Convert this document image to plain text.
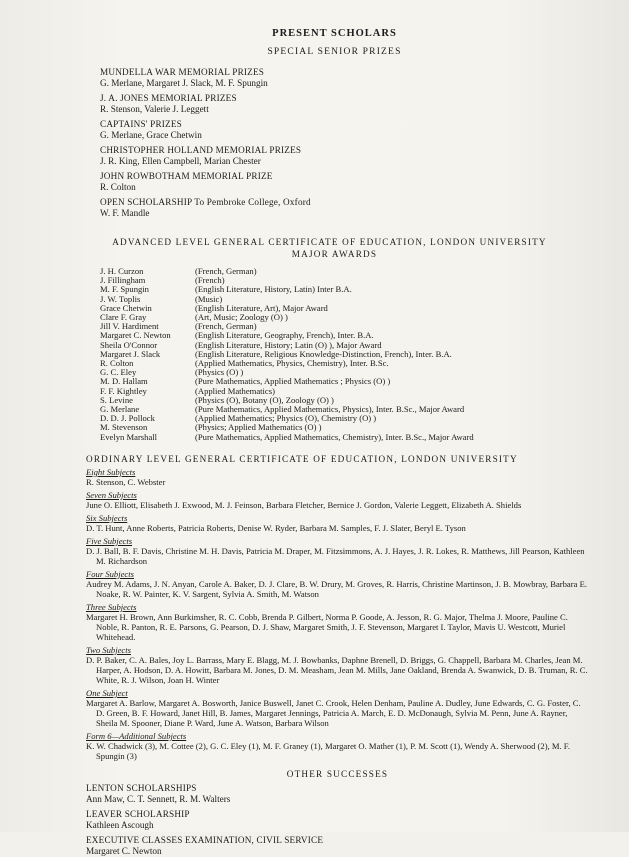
PRESENT SCHOLARS
SPECIAL SENIOR PRIZES
MUNDELLA WAR MEMORIAL PRIZES
G. Merlane, Margaret J. Slack, M. F. Spungin
J. A. JONES MEMORIAL PRIZES
R. Stenson, Valerie J. Leggett
CAPTAINS' PRIZES
G. Merlane, Grace Chetwin
CHRISTOPHER HOLLAND MEMORIAL PRIZES
J. R. King, Ellen Campbell, Marian Chester
JOHN ROWBOTHAM MEMORIAL PRIZE
R. Colton
OPEN SCHOLARSHIP To Pembroke College, Oxford
W. F. Mandle
ADVANCED LEVEL GENERAL CERTIFICATE OF EDUCATION, LONDON UNIVERSITY
MAJOR AWARDS
J. H. Curzon	(French, German)
J. Fillingham	(French)
M. F. Spungin	(English Literature, History, Latin) Inter B.A.
J. W. Toplis	(Music)
Grace Chetwin	(English Literature, Art), Major Award
Clare F. Gray	(Art, Music; Zoology (O) )
Jill V. Hardiment	(French, German)
Margaret C. Newton	(English Literature, Geography, French), Inter. B.A.
Sheila O'Connor	(English Literature, History; Latin (O) ), Major Award
Margaret J. Slack	(English Literature, Religious Knowledge-Distinction, French), Inter. B.A.
R. Colton	(Applied Mathematics, Physics, Chemistry), Inter. B.Sc.
G. C. Eley	(Physics (O) )
M. D. Hallam	(Pure Mathematics, Applied Mathematics ; Physics (O) )
F. F. Kightley	(Applied Mathematics)
S. Levine	(Physics (O), Botany (O), Zoology (O) )
G. Merlane	(Pure Mathematics, Applied Mathematics, Physics), Inter. B.Sc., Major Award
D. D. J. Pollock	(Applied Mathematics; Physics (O), Chemistry (O) )
M. Stevenson	(Physics; Applied Mathematics (O) )
Evelyn Marshall	(Pure Mathematics, Applied Mathematics, Chemistry), Inter. B.Sc., Major Award
ORDINARY LEVEL GENERAL CERTIFICATE OF EDUCATION, LONDON UNIVERSITY
Eight Subjects
R. Stenson, C. Webster
Seven Subjects
June O. Elliott, Elisabeth J. Exwood, M. J. Feinson, Barbara Fletcher, Bernice J. Gordon, Valerie Leggett, Elizabeth A. Shields
Six Subjects
D. T. Hunt, Anne Roberts, Patricia Roberts, Denise W. Ryder, Barbara M. Samples, F. J. Slater, Beryl E. Tyson
Five Subjects
D. J. Ball, B. F. Davis, Christine M. H. Davis, Patricia M. Draper, M. Fitzsimmons, A. J. Hayes, J. R. Lokes, R. Matthews, Jill Pearson, Kathleen M. Richardson
Four Subjects
Audrey M. Adams, J. N. Anyan, Carole A. Baker, D. J. Clare, B. W. Drury, M. Groves, R. Harris, Christine Martinson, J. B. Mowbray, Barbara E. Noake, R. W. Painter, K. V. Sargent, Sylvia A. Smith, M. Watson
Three Subjects
Margaret H. Brown, Ann Burkimsher, R. C. Cobb, Brenda P. Gilbert, Norma P. Goode, A. Jesson, R. G. Major, Thelma J. Moore, Pauline C. Noble, R. Panton, R. E. Parsons, G. Pearson, D. J. Shaw, Margaret Smith, J. F. Stevenson, Margaret I. Taylor, Mavis U. Westcott, Muriel Whitehead.
Two Subjects
D. P. Baker, C. A. Bales, Joy L. Barrass, Mary E. Blagg, M. J. Bowbanks, Daphne Brenell, D. Briggs, G. Chappell, Barbara M. Charles, Jean M. Harper, A. Hodson, D. A. Howitt, Barbara M. Jones, D. M. Measham, Jean M. Mills, Jane Oakland, Brenda A. Swanwick, D. B. Truman, R. C. White, R. J. Wilson, Joan H. Winter
One Subject
Margaret A. Barlow, Margaret A. Bosworth, Janice Buswell, Janet C. Crook, Helen Denham, Pauline A. Dudley, June Edwards, C. G. Foster, C. D. Green, B. F. Howard, Janet Hill, B. James, Margaret Jennings, Patricia A. March, E. D. McDonaugh, Sylvia M. Penn, June A. Rayner, Sheila M. Spooner, Diane P. Ward, June A. Watson, Barbara Wilson
Form 6—Additional Subjects
K. W. Chadwick (3), M. Cottee (2), G. C. Eley (1), M. F. Graney (1), Margaret O. Mather (1), P. M. Scott (1), Wendy A. Sherwood (2), M. F. Spungin (3)
OTHER SUCCESSES
LENTON SCHOLARSHIPS
Ann Maw, C. T. Sennett, R. M. Walters
LEAVER SCHOLARSHIP
Kathleen Ascough
EXECUTIVE CLASSES EXAMINATION, CIVIL SERVICE
Margaret C. Newton
